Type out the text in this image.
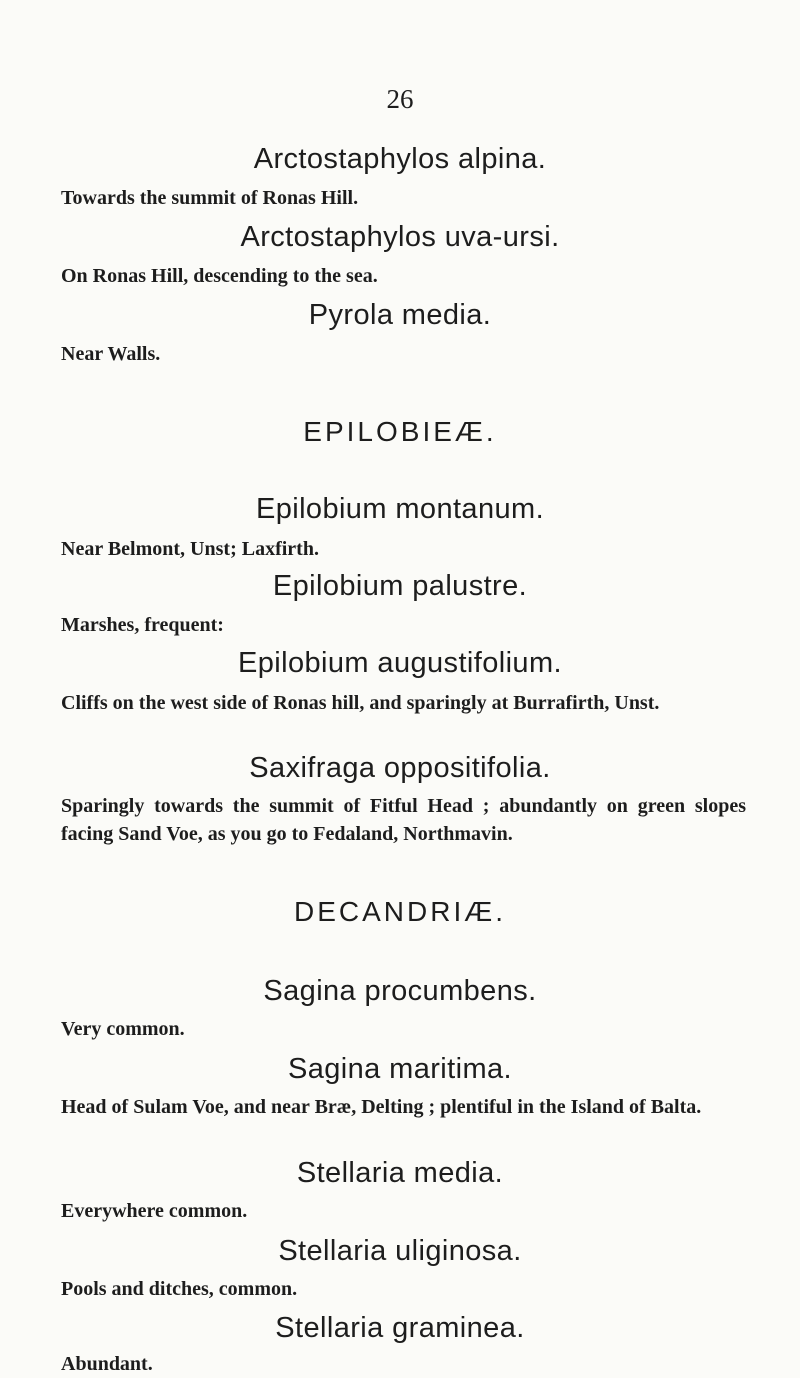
26
Arctostaphylos alpina.
Towards the summit of Ronas Hill.
Arctostaphylos uva-ursi.
On Ronas Hill, descending to the sea.
Pyrola media.
Near Walls.
EPILOBIEÆ.
Epilobium montanum.
Near Belmont, Unst; Laxfirth.
Epilobium palustre.
Marshes, frequent:
Epilobium augustifolium.
Cliffs on the west side of Ronas hill, and sparingly at Burrafirth, Unst.
Saxifraga oppositifolia.
Sparingly towards the summit of Fitful Head ; abundantly on green slopes facing Sand Voe, as you go to Fedaland, Northmavin.
DECANDRIÆ.
Sagina procumbens.
Very common.
Sagina maritima.
Head of Sulam Voe, and near Bræ, Delting ; plentiful in the Island of Balta.
Stellaria media.
Everywhere common.
Stellaria uliginosa.
Pools and ditches, common.
Stellaria graminea.
Abundant.
